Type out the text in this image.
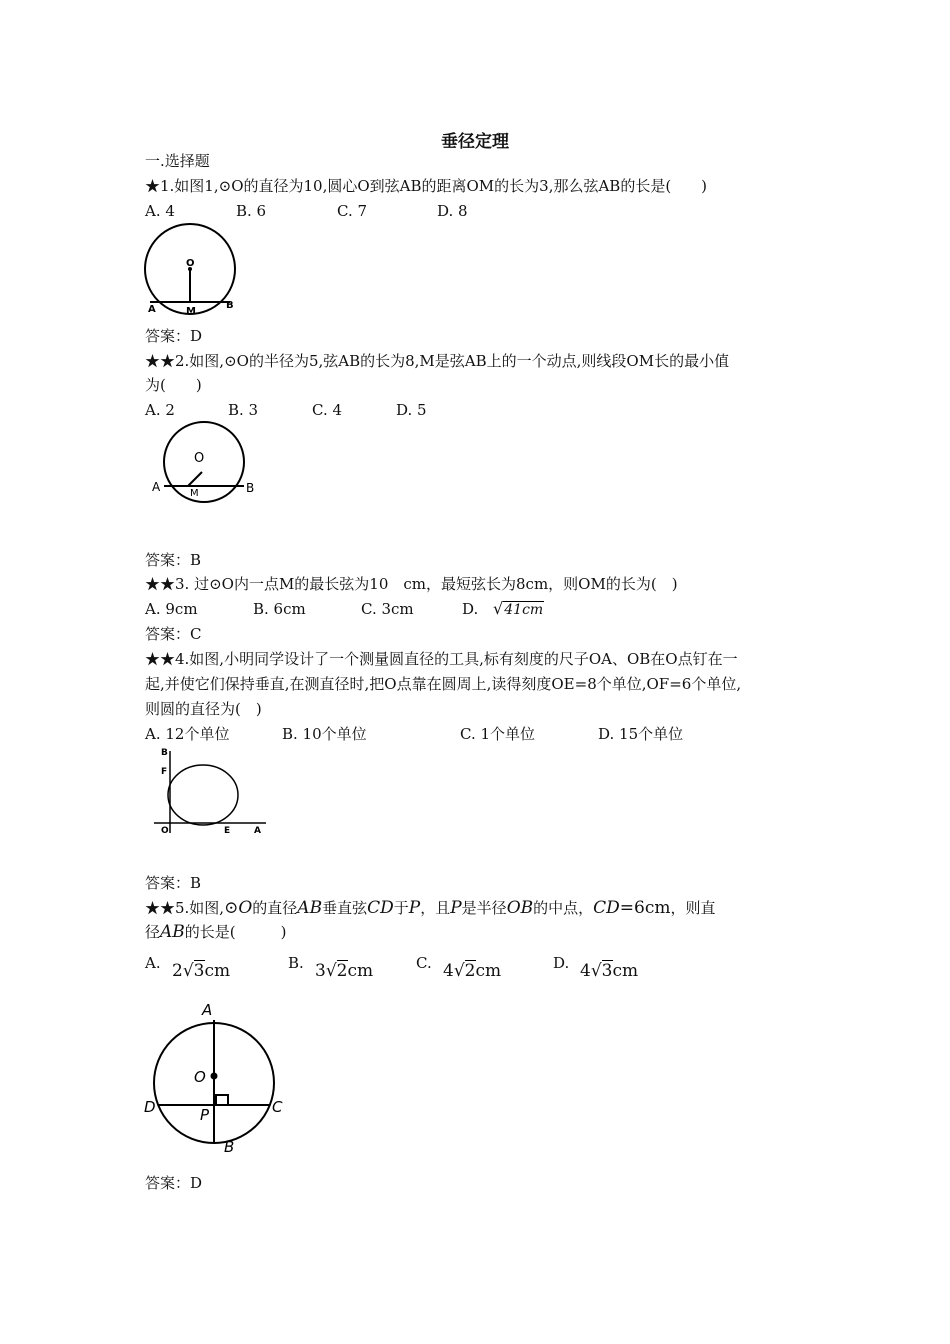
垂径定理
一.选择题
★1.如图1,⊙O的直径为10,圆心O到弦AB的距离OM的长为3,那么弦AB的长是(　　)
A. 4	B. 6	C. 7	D. 8
O
A	B
M
答案：D
★★2.如图,⊙O的半径为5,弦AB的长为8,M是弦AB上的一个动点,则线段OM长的最小值
为(　　)
A. 2	B. 3	C. 4	D. 5
O
A	B
M
答案：B
★★3. 过⊙O内一点M的最长弦为10　cm，最短弦长为8cm，则OM的长为(　)
A. 9cm	B. 6cm	C. 3cm	D. √41cm
答案：C
★★4.如图,小明同学设计了一个测量圆直径的工具,标有刻度的尺子OA、OB在O点钉在一
起,并使它们保持垂直,在测直径时,把O点靠在圆周上,读得刻度OE=8个单位,OF=6个单位,
则圆的直径为(　)
A. 12个单位	B. 10个单位	C. 1个单位	D. 15个单位
B
F
O	E	A
答案：B
★★5.如图,⊙O的直径AB垂直弦CD于P，且P是半径OB的中点，CD=6cm，则直
径AB的长是(　　　)
A. 2√3cm	B. 3√2cm	C. 4√2cm	D. 4√3cm
A
O
D	P	C
B
答案：D
